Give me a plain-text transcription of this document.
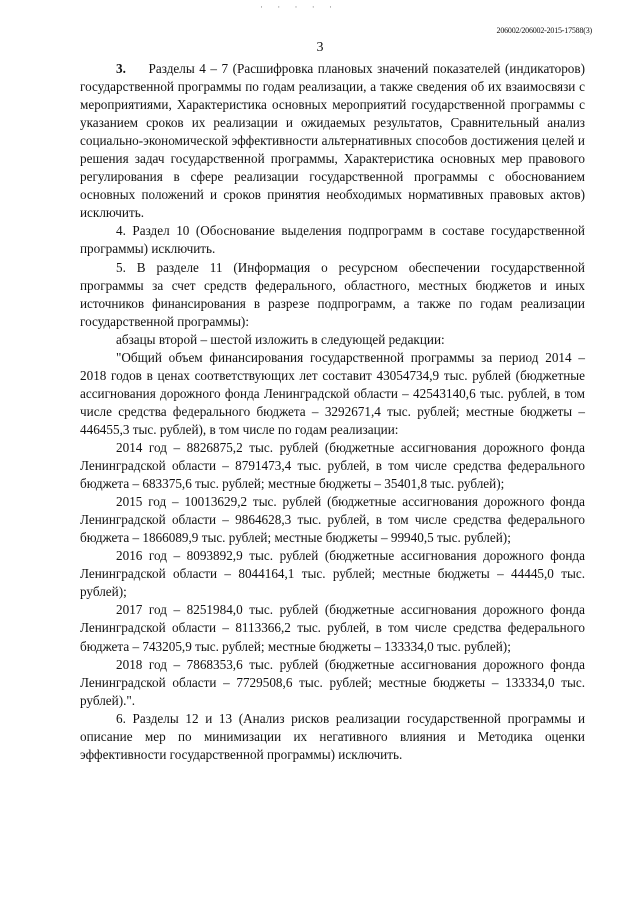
· · · · ·
206002/206002-2015-17588(3)
3

3. Разделы 4 – 7 (Расшифровка плановых значений показателей (индикаторов) государственной программы по годам реализации, а также сведения об их взаимосвязи с мероприятиями, Характеристика основных мероприятий государственной программы с указанием сроков их реализации и ожидаемых результатов, Сравнительный анализ социально-экономической эффективности альтернативных способов достижения целей и решения задач государственной программы, Характеристика основных мер правового регулирования в сфере реализации государственной программы с обоснованием основных положений и сроков принятия необходимых нормативных правовых актов) исключить.

4. Раздел 10 (Обоснование выделения подпрограмм в составе государственной программы) исключить.

5. В разделе 11 (Информация о ресурсном обеспечении государственной программы за счет средств федерального, областного, местных бюджетов и иных источников финансирования в разрезе подпрограмм, а также по годам реализации государственной программы):

абзацы второй – шестой изложить в следующей редакции:

"Общий объем финансирования государственной программы за период 2014 – 2018 годов в ценах соответствующих лет составит 43054734,9 тыс. рублей (бюджетные ассигнования дорожного фонда Ленинградской области – 42543140,6 тыс. рублей, в том числе средства федерального бюджета – 3292671,4 тыс. рублей; местные бюджеты – 446455,3 тыс. рублей), в том числе по годам реализации:

2014 год – 8826875,2 тыс. рублей (бюджетные ассигнования дорожного фонда Ленинградской области – 8791473,4 тыс. рублей, в том числе средства федерального бюджета – 683375,6 тыс. рублей; местные бюджеты – 35401,8 тыс. рублей);

2015 год – 10013629,2 тыс. рублей (бюджетные ассигнования дорожного фонда Ленинградской области – 9864628,3 тыс. рублей, в том числе средства федерального бюджета – 1866089,9 тыс. рублей; местные бюджеты – 99940,5 тыс. рублей);

2016 год – 8093892,9 тыс. рублей (бюджетные ассигнования дорожного фонда Ленинградской области – 8044164,1 тыс. рублей; местные бюджеты – 44445,0 тыс. рублей);

2017 год – 8251984,0 тыс. рублей (бюджетные ассигнования дорожного фонда Ленинградской области – 8113366,2 тыс. рублей, в том числе средства федерального бюджета – 743205,9 тыс. рублей; местные бюджеты – 133334,0 тыс. рублей);

2018 год – 7868353,6 тыс. рублей (бюджетные ассигнования дорожного фонда Ленинградской области – 7729508,6 тыс. рублей; местные бюджеты – 133334,0 тыс. рублей).".

6. Разделы 12 и 13 (Анализ рисков реализации государственной программы и описание мер по минимизации их негативного влияния и Методика оценки эффективности государственной программы) исключить.
